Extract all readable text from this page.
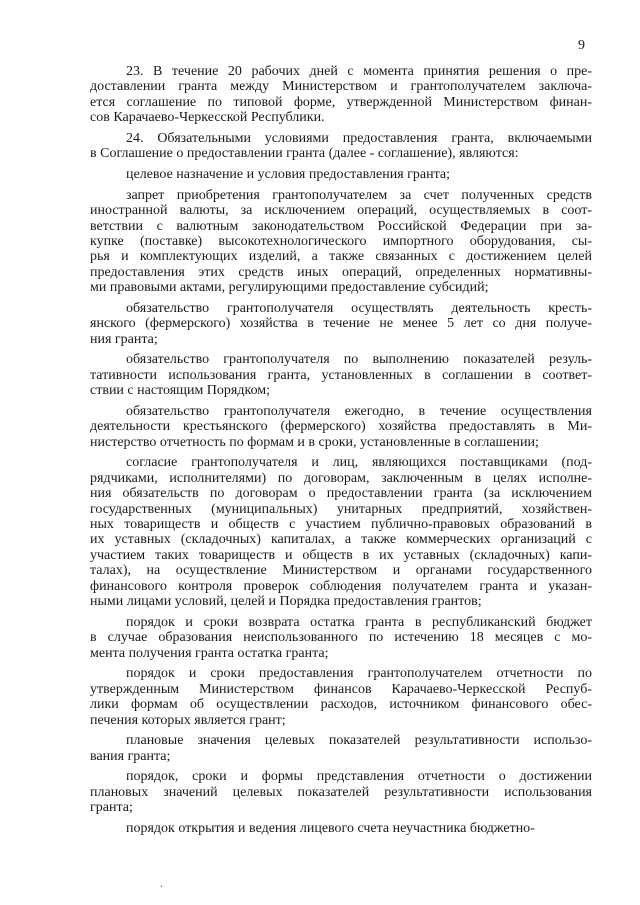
9
23. В течение 20 рабочих дней с момента принятия решения о пре-
доставлении гранта между Министерством и грантополучателем заключа-
ется соглашение по типовой форме, утвержденной Министерством финан-
сов Карачаево-Черкесской Республики.
24. Обязательными условиями предоставления гранта, включаемыми
в Соглашение о предоставлении гранта (далее - соглашение), являются:
целевое назначение и условия предоставления гранта;
запрет приобретения грантополучателем за счет полученных средств
иностранной валюты, за исключением операций, осуществляемых в соот-
ветствии с валютным законодательством Российской Федерации при за-
купке (поставке) высокотехнологического импортного оборудования, сы-
рья и комплектующих изделий, а также связанных с достижением целей
предоставления этих средств иных операций, определенных нормативны-
ми правовыми актами, регулирующими предоставление субсидий;
обязательство грантополучателя осуществлять деятельность кресть-
янского (фермерского) хозяйства в течение не менее 5 лет со дня получе-
ния гранта;
обязательство грантополучателя по выполнению показателей резуль-
тативности использования гранта, установленных в соглашении в соответ-
ствии с настоящим Порядком;
обязательство грантополучателя ежегодно, в течение осуществления
деятельности крестьянского (фермерского) хозяйства предоставлять в Ми-
нистерство отчетность по формам и в сроки, установленные в соглашении;
согласие грантополучателя и лиц, являющихся поставщиками (под-
рядчиками, исполнителями) по договорам, заключенным в целях исполне-
ния обязательств по договорам о предоставлении гранта (за исключением
государственных (муниципальных) унитарных предприятий, хозяйствен-
ных товариществ и обществ с участием публично-правовых образований в
их уставных (складочных) капиталах, а также коммерческих организаций с
участием таких товариществ и обществ в их уставных (складочных) капи-
талах), на осуществление Министерством и органами государственного
финансового контроля проверок соблюдения получателем гранта и указан-
ными лицами условий, целей и Порядка предоставления грантов;
порядок и сроки возврата остатка гранта в республиканский бюджет
в случае образования неиспользованного по истечению 18 месяцев с мо-
мента получения гранта остатка гранта;
порядок и сроки предоставления грантополучателем отчетности по
утвержденным Министерством финансов Карачаево-Черкесской Респуб-
лики формам об осуществлении расходов, источником финансового обес-
печения которых является грант;
плановые значения целевых показателей результативности использо-
вания гранта;
порядок, сроки и формы представления отчетности о достижении
плановых значений целевых показателей результативности использования
гранта;
порядок открытия и ведения лицевого счета неучастника бюджетно-
.
